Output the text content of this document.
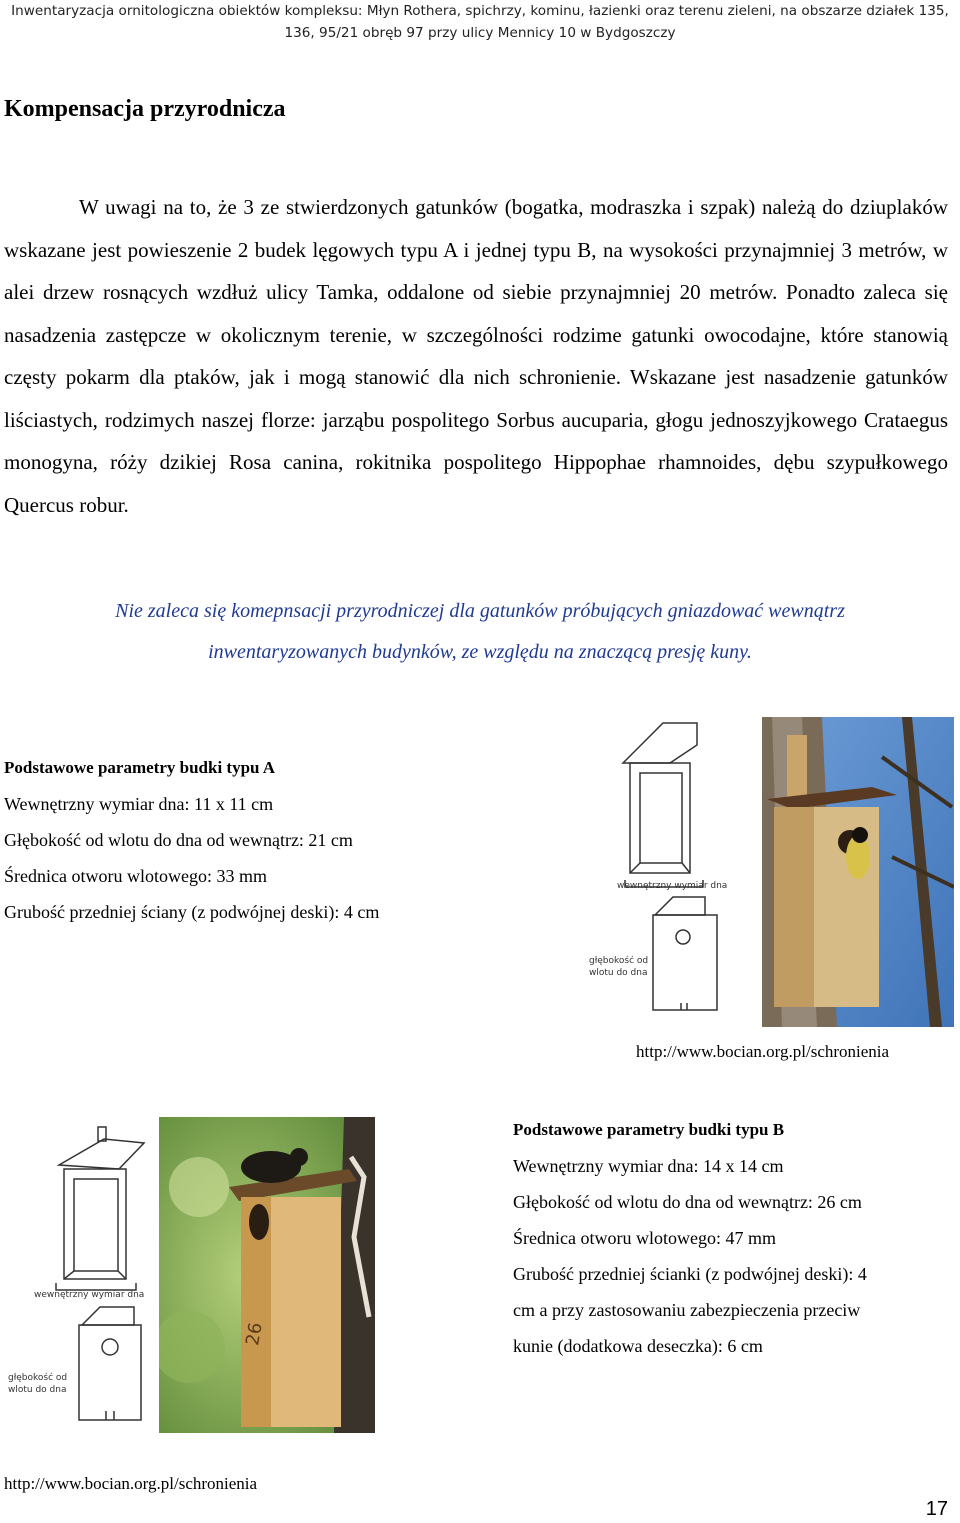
Inwentaryzacja ornitologiczna obiektów kompleksu: Młyn Rothera, spichrzy, kominu, łazienki oraz terenu zieleni, na obszarze działek 135,
136, 95/21 obręb 97 przy ulicy Mennicy 10 w Bydgoszczy
Kompensacja przyrodnicza

W uwagi na to, że 3 ze stwierdzonych gatunków (bogatka, modraszka i szpak) należą do dziuplaków wskazane jest powieszenie 2 budek lęgowych typu A i jednej typu B, na wysokości przynajmniej 3 metrów, w alei drzew rosnących wzdłuż ulicy Tamka, oddalone od siebie przynajmniej 20 metrów. Ponadto zaleca się nasadzenia zastępcze w okolicznym terenie, w szczególności rodzime gatunki owocodajne, które stanowią częsty pokarm dla ptaków, jak i mogą stanowić dla nich schronienie. Wskazane jest nasadzenie gatunków liściastych, rodzimych naszej florze: jarząbu pospolitego Sorbus aucuparia, głogu jednoszyjkowego Crataegus monogyna, róży dzikiej Rosa canina, rokitnika pospolitego Hippophae rhamnoides, dębu szypułkowego Quercus robur.

Nie zaleca się komepnsacji przyrodniczej dla gatunków próbujących gniazdować wewnątrz

inwentaryzowanych budynków, ze względu na znaczącą presję kuny.

Podstawowe parametry budki typu A
Wewnętrzny wymiar dna: 11 x 11 cm
Głębokość od wlotu do dna od wewnątrz: 21 cm
Średnica otworu wlotowego: 33 mm
Grubość przedniej ściany (z podwójnej deski): 4 cm
wewnętrzny wymiar dna
głębokość od
wlotu do dna
http://www.bocian.org.pl/schronienia
wewnętrzny wymiar dna
głębokość od
wlotu do dna
26
Podstawowe parametry budki typu B
Wewnętrzny wymiar dna: 14 x 14 cm
Głębokość od wlotu do dna od wewnątrz: 26 cm
Średnica otworu wlotowego: 47 mm
Grubość przedniej ścianki (z podwójnej deski): 4
cm a przy zastosowaniu zabezpieczenia przeciw
kunie (dodatkowa deseczka): 6 cm
http://www.bocian.org.pl/schronienia
17
